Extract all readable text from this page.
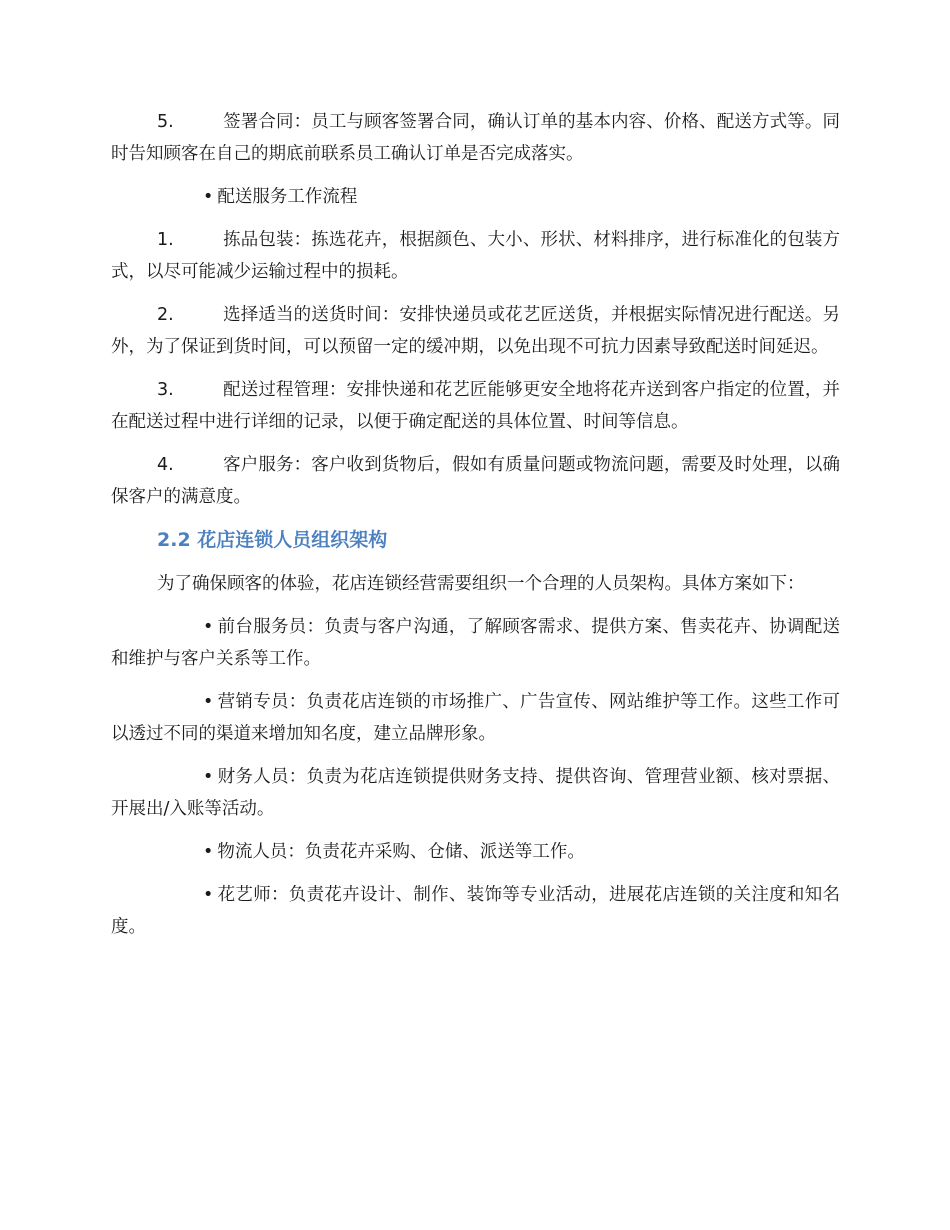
5.	签署合同：员工与顾客签署合同，确认订单的基本内容、价格、配送方式等。同时告知顾客在自己的期底前联系员工确认订单是否完成落实。

• 配送服务工作流程

1.	拣品包装：拣选花卉，根据颜色、大小、形状、材料排序，进行标准化的包装方式，以尽可能减少运输过程中的损耗。

2.	选择适当的送货时间：安排快递员或花艺匠送货，并根据实际情况进行配送。另外，为了保证到货时间，可以预留一定的缓冲期，以免出现不可抗力因素导致配送时间延迟。

3.	配送过程管理：安排快递和花艺匠能够更安全地将花卉送到客户指定的位置，并在配送过程中进行详细的记录，以便于确定配送的具体位置、时间等信息。

4.	客户服务：客户收到货物后，假如有质量问题或物流问题，需要及时处理，以确保客户的满意度。

2.2 花店连锁人员组织架构

为了确保顾客的体验，花店连锁经营需要组织一个合理的人员架构。具体方案如下：

• 前台服务员：负责与客户沟通，了解顾客需求、提供方案、售卖花卉、协调配送和维护与客户关系等工作。

• 营销专员：负责花店连锁的市场推广、广告宣传、网站维护等工作。这些工作可以透过不同的渠道来增加知名度，建立品牌形象。

• 财务人员：负责为花店连锁提供财务支持、提供咨询、管理营业额、核对票据、开展出/入账等活动。

• 物流人员：负责花卉采购、仓储、派送等工作。

• 花艺师：负责花卉设计、制作、装饰等专业活动，进展花店连锁的关注度和知名度。
